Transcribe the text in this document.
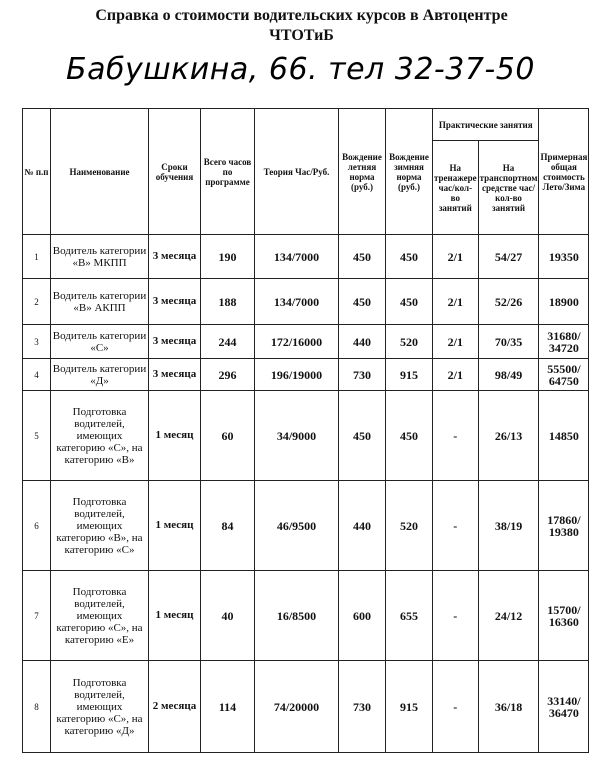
Справка о стоимости водительских курсов в Автоцентре
ЧТОТиБ
Бабушкина, 66. тел 32-37-50
№ п.п	Наименование	Сроки обучения	Всего часов по программе	Теория Час/Руб.	Вождение летняя норма (руб.)	Вождение зимняя норма (руб.)	Практические занятия		Примерная общая стоимость Лето/Зима
							На тренажере час/кол-во занятий	На транспортном средстве час/кол-во занятий	
1	Водитель категории «В» МКПП	3 месяца	190	134/7000	450	450	2/1	54/27	19350
2	Водитель категории «В» АКПП	3 месяца	188	134/7000	450	450	2/1	52/26	18900
3	Водитель категории «С»	3 месяца	244	172/16000	440	520	2/1	70/35	31680/ 34720
4	Водитель категории «Д»	3 месяца	296	196/19000	730	915	2/1	98/49	55500/ 64750
5	Подготовка водителей, имеющих категорию «С», на категорию «В»	1 месяц	60	34/9000	450	450	-	26/13	14850
6	Подготовка водителей, имеющих категорию «В», на категорию «С»	1 месяц	84	46/9500	440	520	-	38/19	17860/ 19380
7	Подготовка водителей, имеющих категорию «С», на категорию «Е»	1 месяц	40	16/8500	600	655	-	24/12	15700/ 16360
8	Подготовка водителей, имеющих категорию «С», на категорию «Д»	2 месяца	114	74/20000	730	915	-	36/18	33140/ 36470
